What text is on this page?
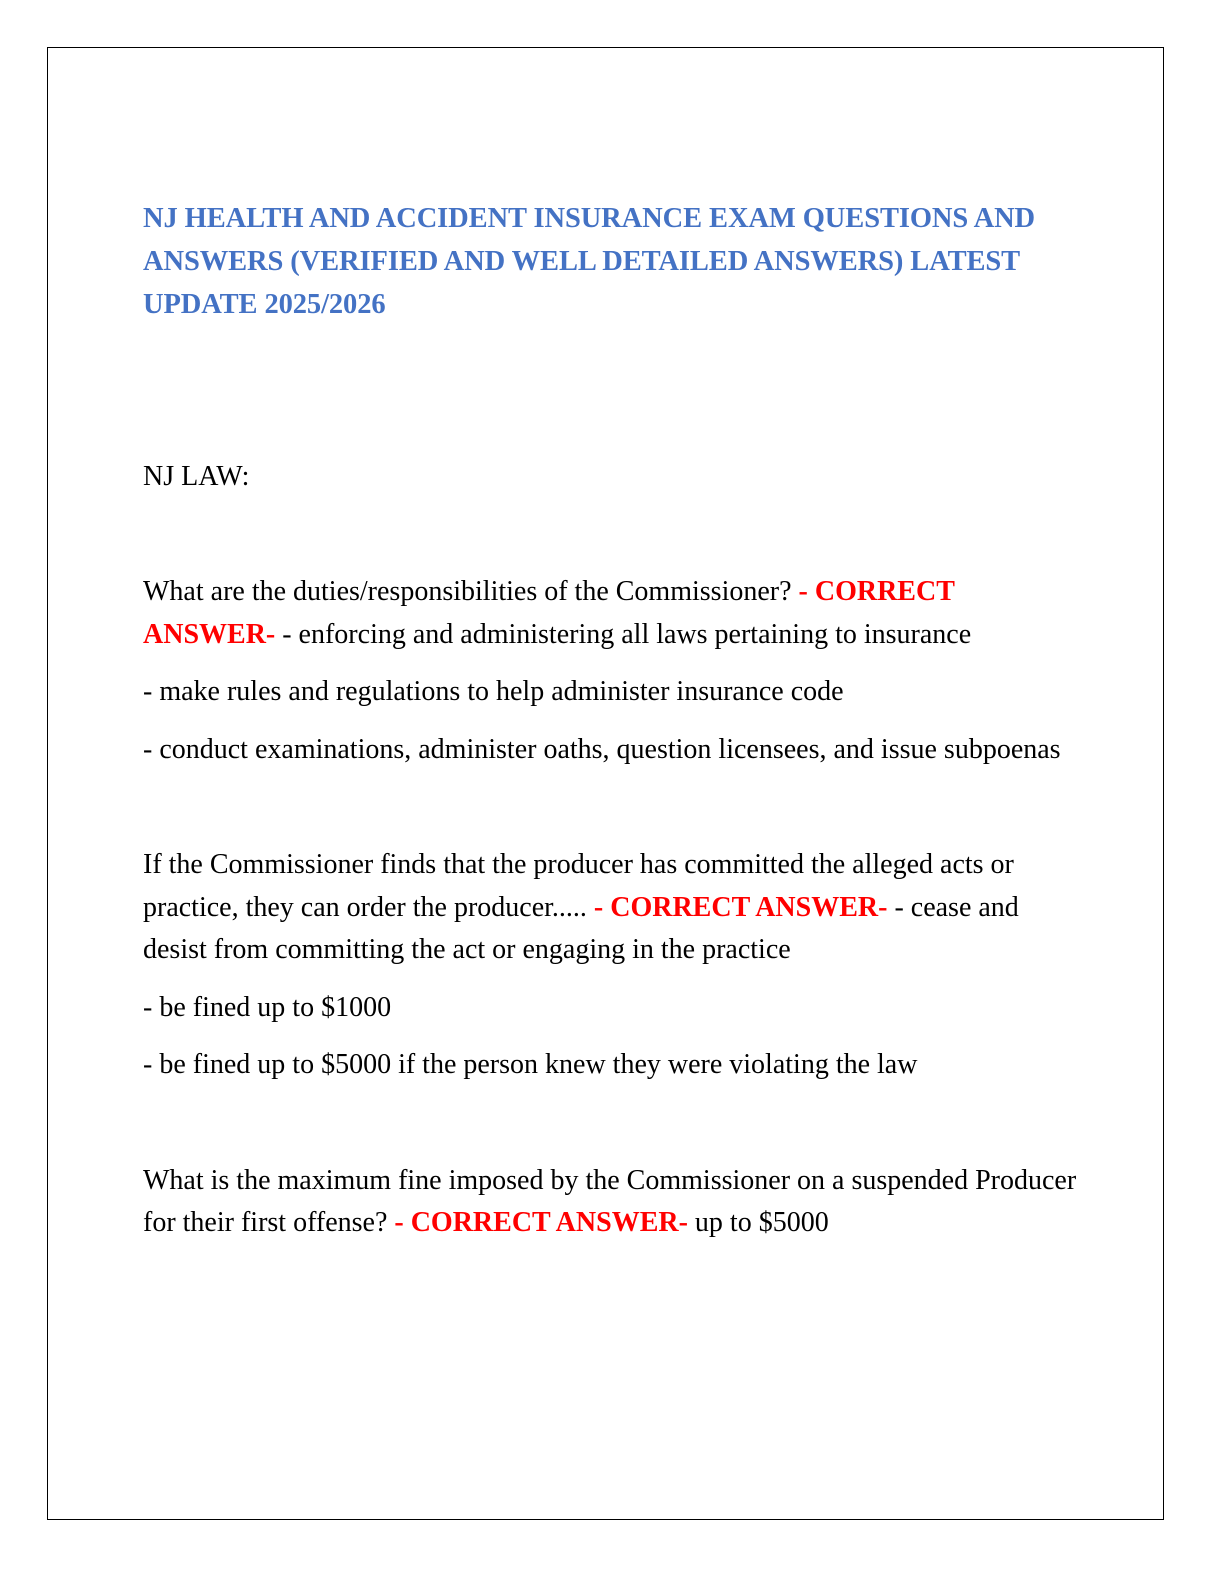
NJ HEALTH AND ACCIDENT INSURANCE EXAM QUESTIONS AND ANSWERS (VERIFIED AND WELL DETAILED ANSWERS) LATEST UPDATE 2025/2026
NJ LAW:

What are the duties/responsibilities of the Commissioner? - CORRECT ANSWER- - enforcing and administering all laws pertaining to insurance

- make rules and regulations to help administer insurance code

- conduct examinations, administer oaths, question licensees, and issue subpoenas

If the Commissioner finds that the producer has committed the alleged acts or practice, they can order the producer..... - CORRECT ANSWER- - cease and desist from committing the act or engaging in the practice

- be fined up to $1000

- be fined up to $5000 if the person knew they were violating the law

What is the maximum fine imposed by the Commissioner on a suspended Producer for their first offense? - CORRECT ANSWER- up to $5000
